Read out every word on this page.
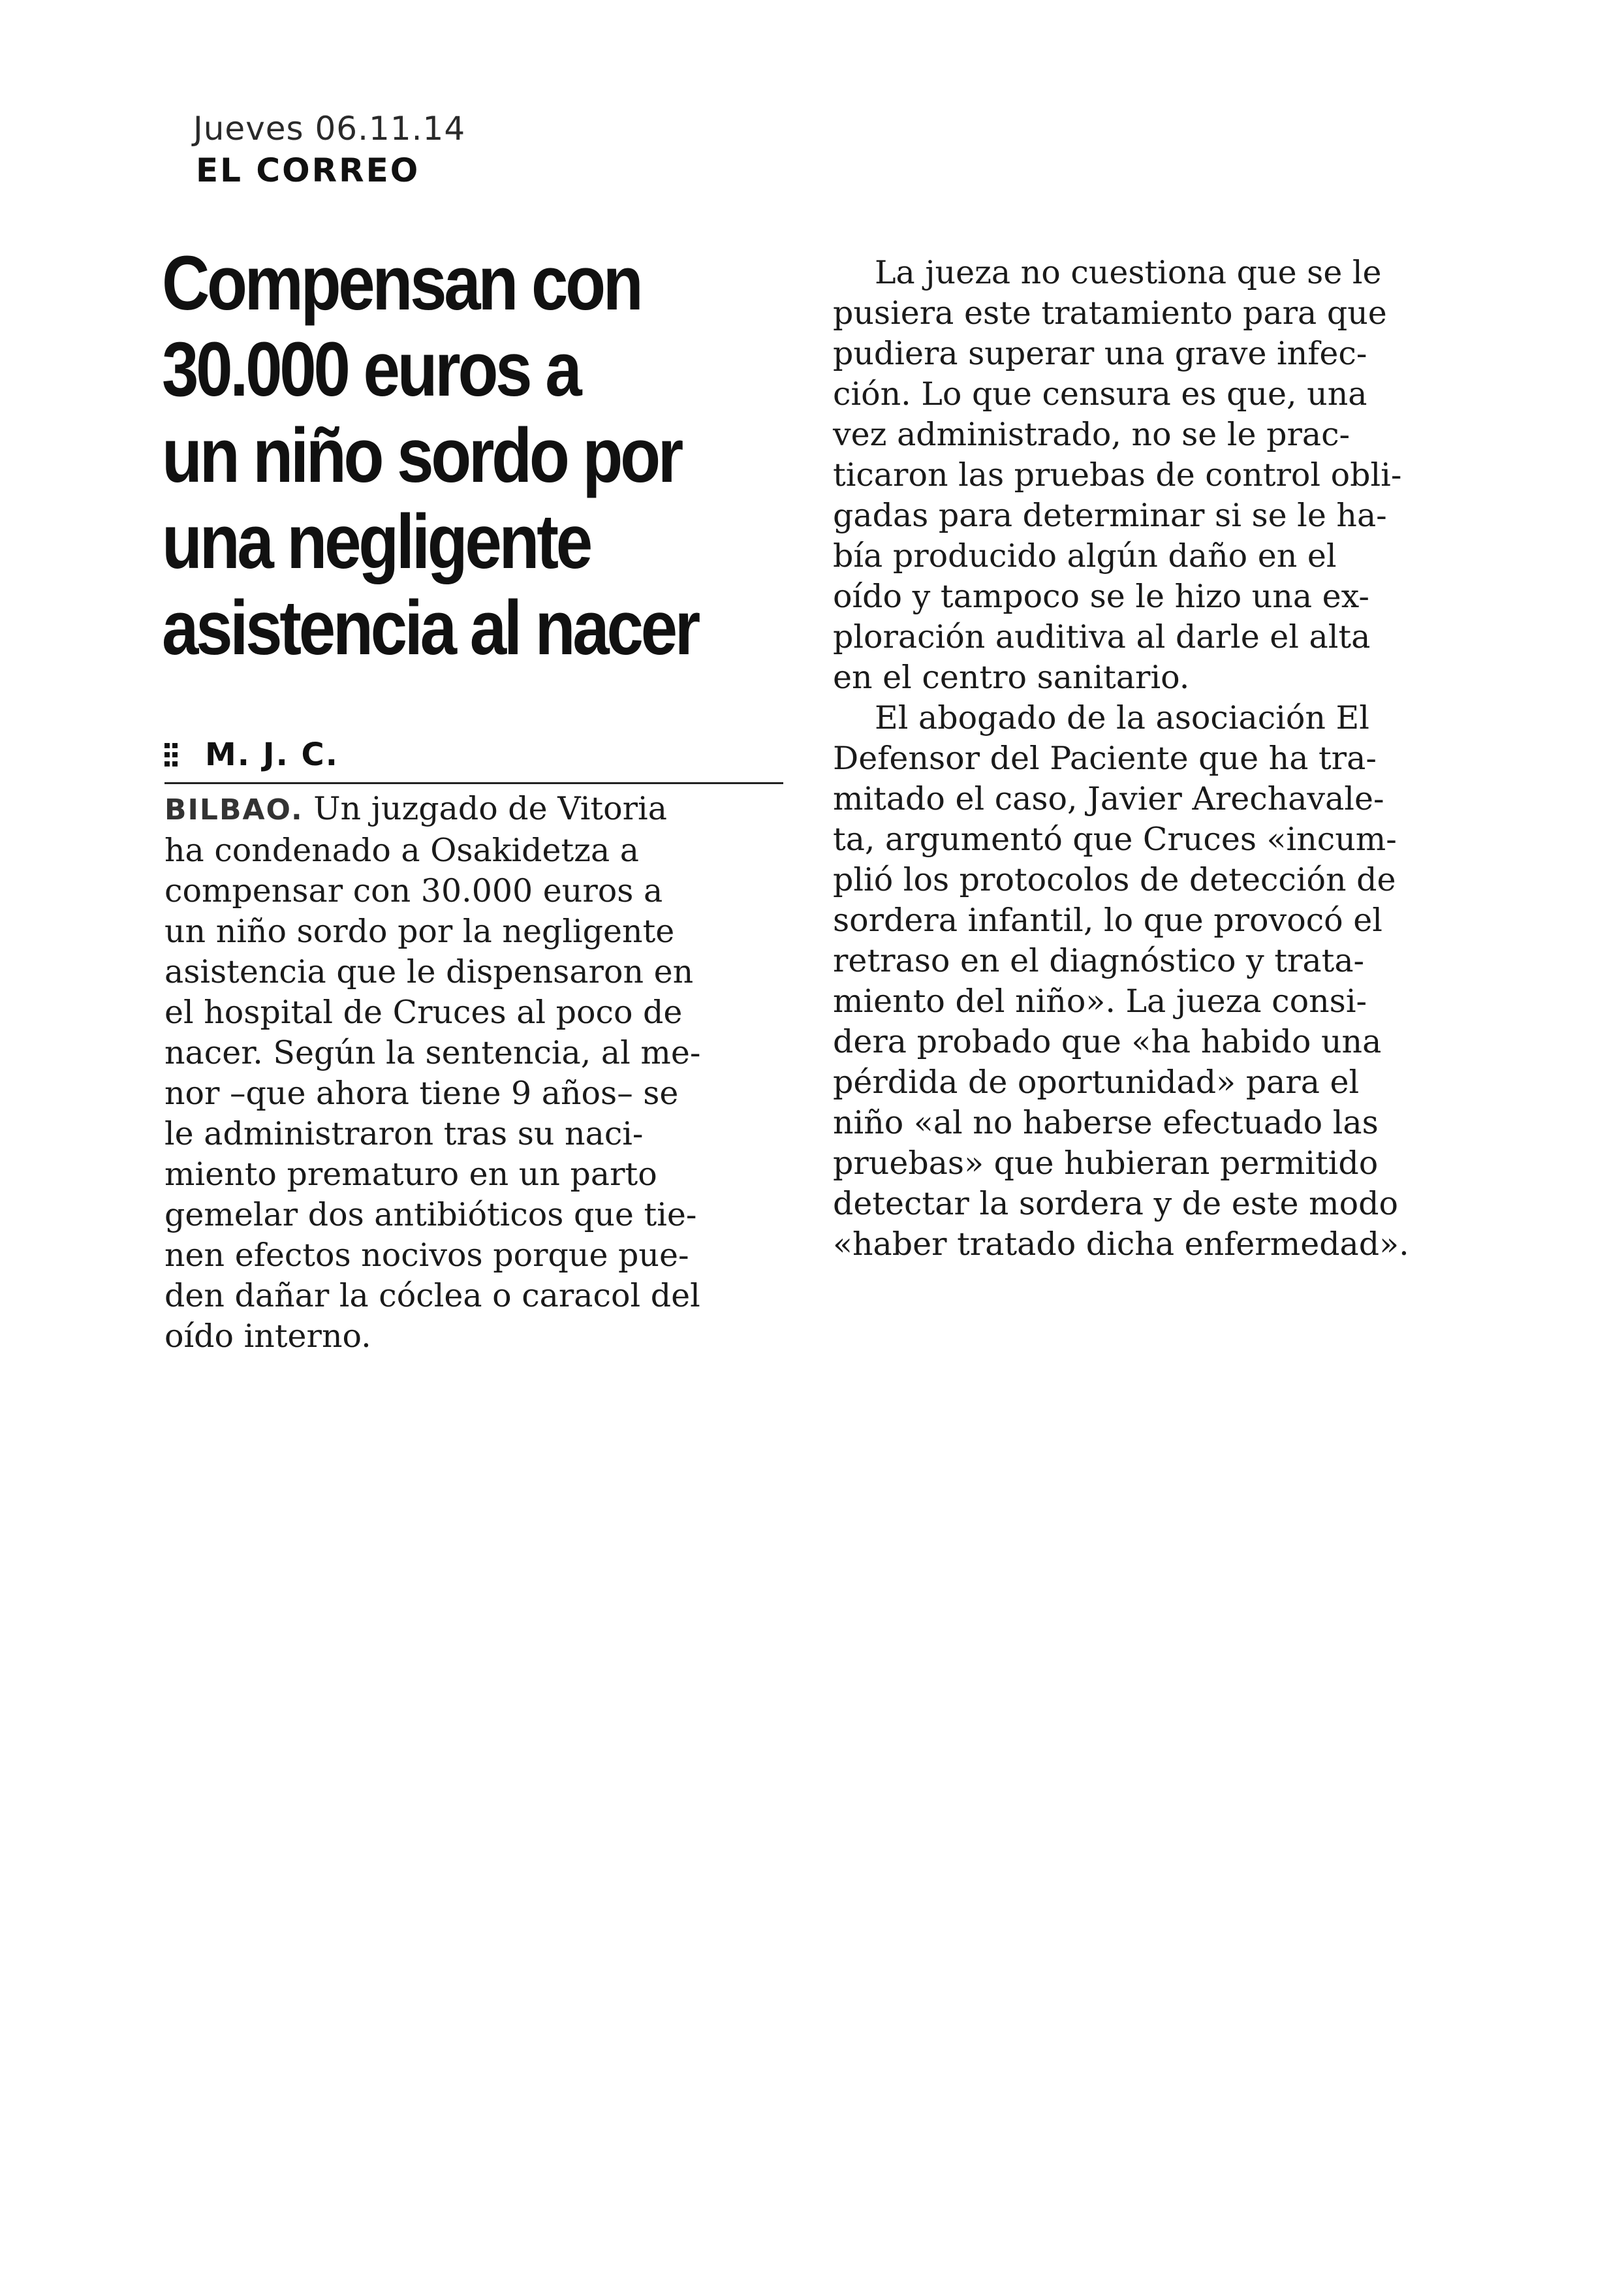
Jueves 06.11.14
EL CORREO
Compensan con
30.000 euros a
un niño sordo por
una negligente
asistencia al nacer
M. J. C.
BILBAO. Un juzgado de Vitoria
ha condenado a Osakidetza a
compensar con 30.000 euros a
un niño sordo por la negligente
asistencia que le dispensaron en
el hospital de Cruces al poco de
nacer. Según la sentencia, al me-
nor –que ahora tiene 9 años– se
le administraron tras su naci-
miento prematuro en un parto
gemelar dos antibióticos que tie-
nen efectos nocivos porque pue-
den dañar la cóclea o caracol del
oído interno.
La jueza no cuestiona que se le
pusiera este tratamiento para que
pudiera superar una grave infec-
ción. Lo que censura es que, una
vez administrado, no se le prac-
ticaron las pruebas de control obli-
gadas para determinar si se le ha-
bía producido algún daño en el
oído y tampoco se le hizo una ex-
ploración auditiva al darle el alta
en el centro sanitario.
El abogado de la asociación El
Defensor del Paciente que ha tra-
mitado el caso, Javier Arechavale-
ta, argumentó que Cruces «incum-
plió los protocolos de detección de
sordera infantil, lo que provocó el
retraso en el diagnóstico y trata-
miento del niño». La jueza consi-
dera probado que «ha habido una
pérdida de oportunidad» para el
niño «al no haberse efectuado las
pruebas» que hubieran permitido
detectar la sordera y de este modo
«haber tratado dicha enfermedad».
